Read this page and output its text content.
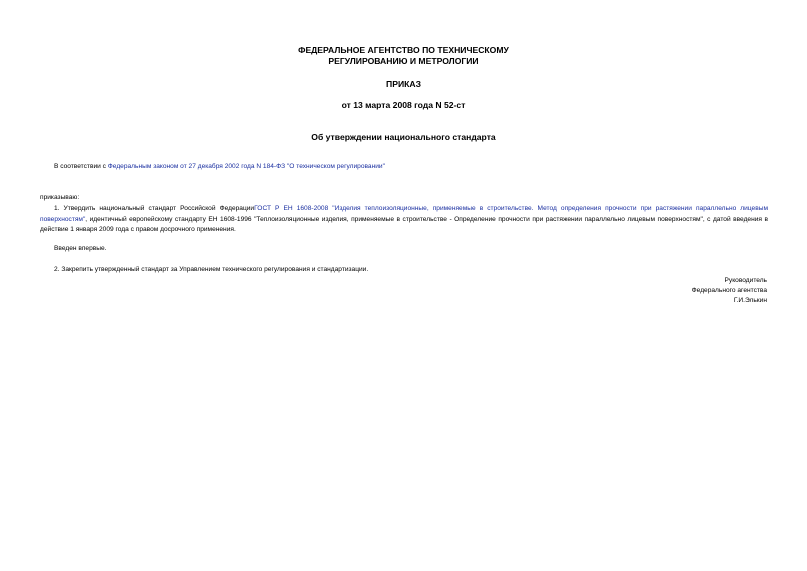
ФЕДЕРАЛЬНОЕ АГЕНТСТВО ПО ТЕХНИЧЕСКОМУ
РЕГУЛИРОВАНИЮ И МЕТРОЛОГИИ
ПРИКАЗ
от 13 марта 2008 года N 52-ст
Об утверждении национального стандарта
В соответствии с Федеральным законом от 27 декабря 2002 года N 184-ФЗ "О техническом регулировании"
приказываю:
1. Утвердить национальный стандарт Российской ФедерацииГОСТ Р ЕН 1608-2008 "Изделия теплоизоляционные, применяемые в строительстве. Метод определения прочности при растяжении параллельно лицевым поверхностям", идентичный европейскому стандарту ЕН 1608-1996 "Теплоизоляционные изделия, применяемые в строительстве - Определение прочности при растяжении параллельно лицевым поверхностям", с датой введения в действие 1 января 2009 года с правом досрочного применения.
Введен впервые.
2. Закрепить утвержденный стандарт за Управлением технического регулирования и стандартизации.
Руководитель
Федерального агентства
Г.И.Элькин
